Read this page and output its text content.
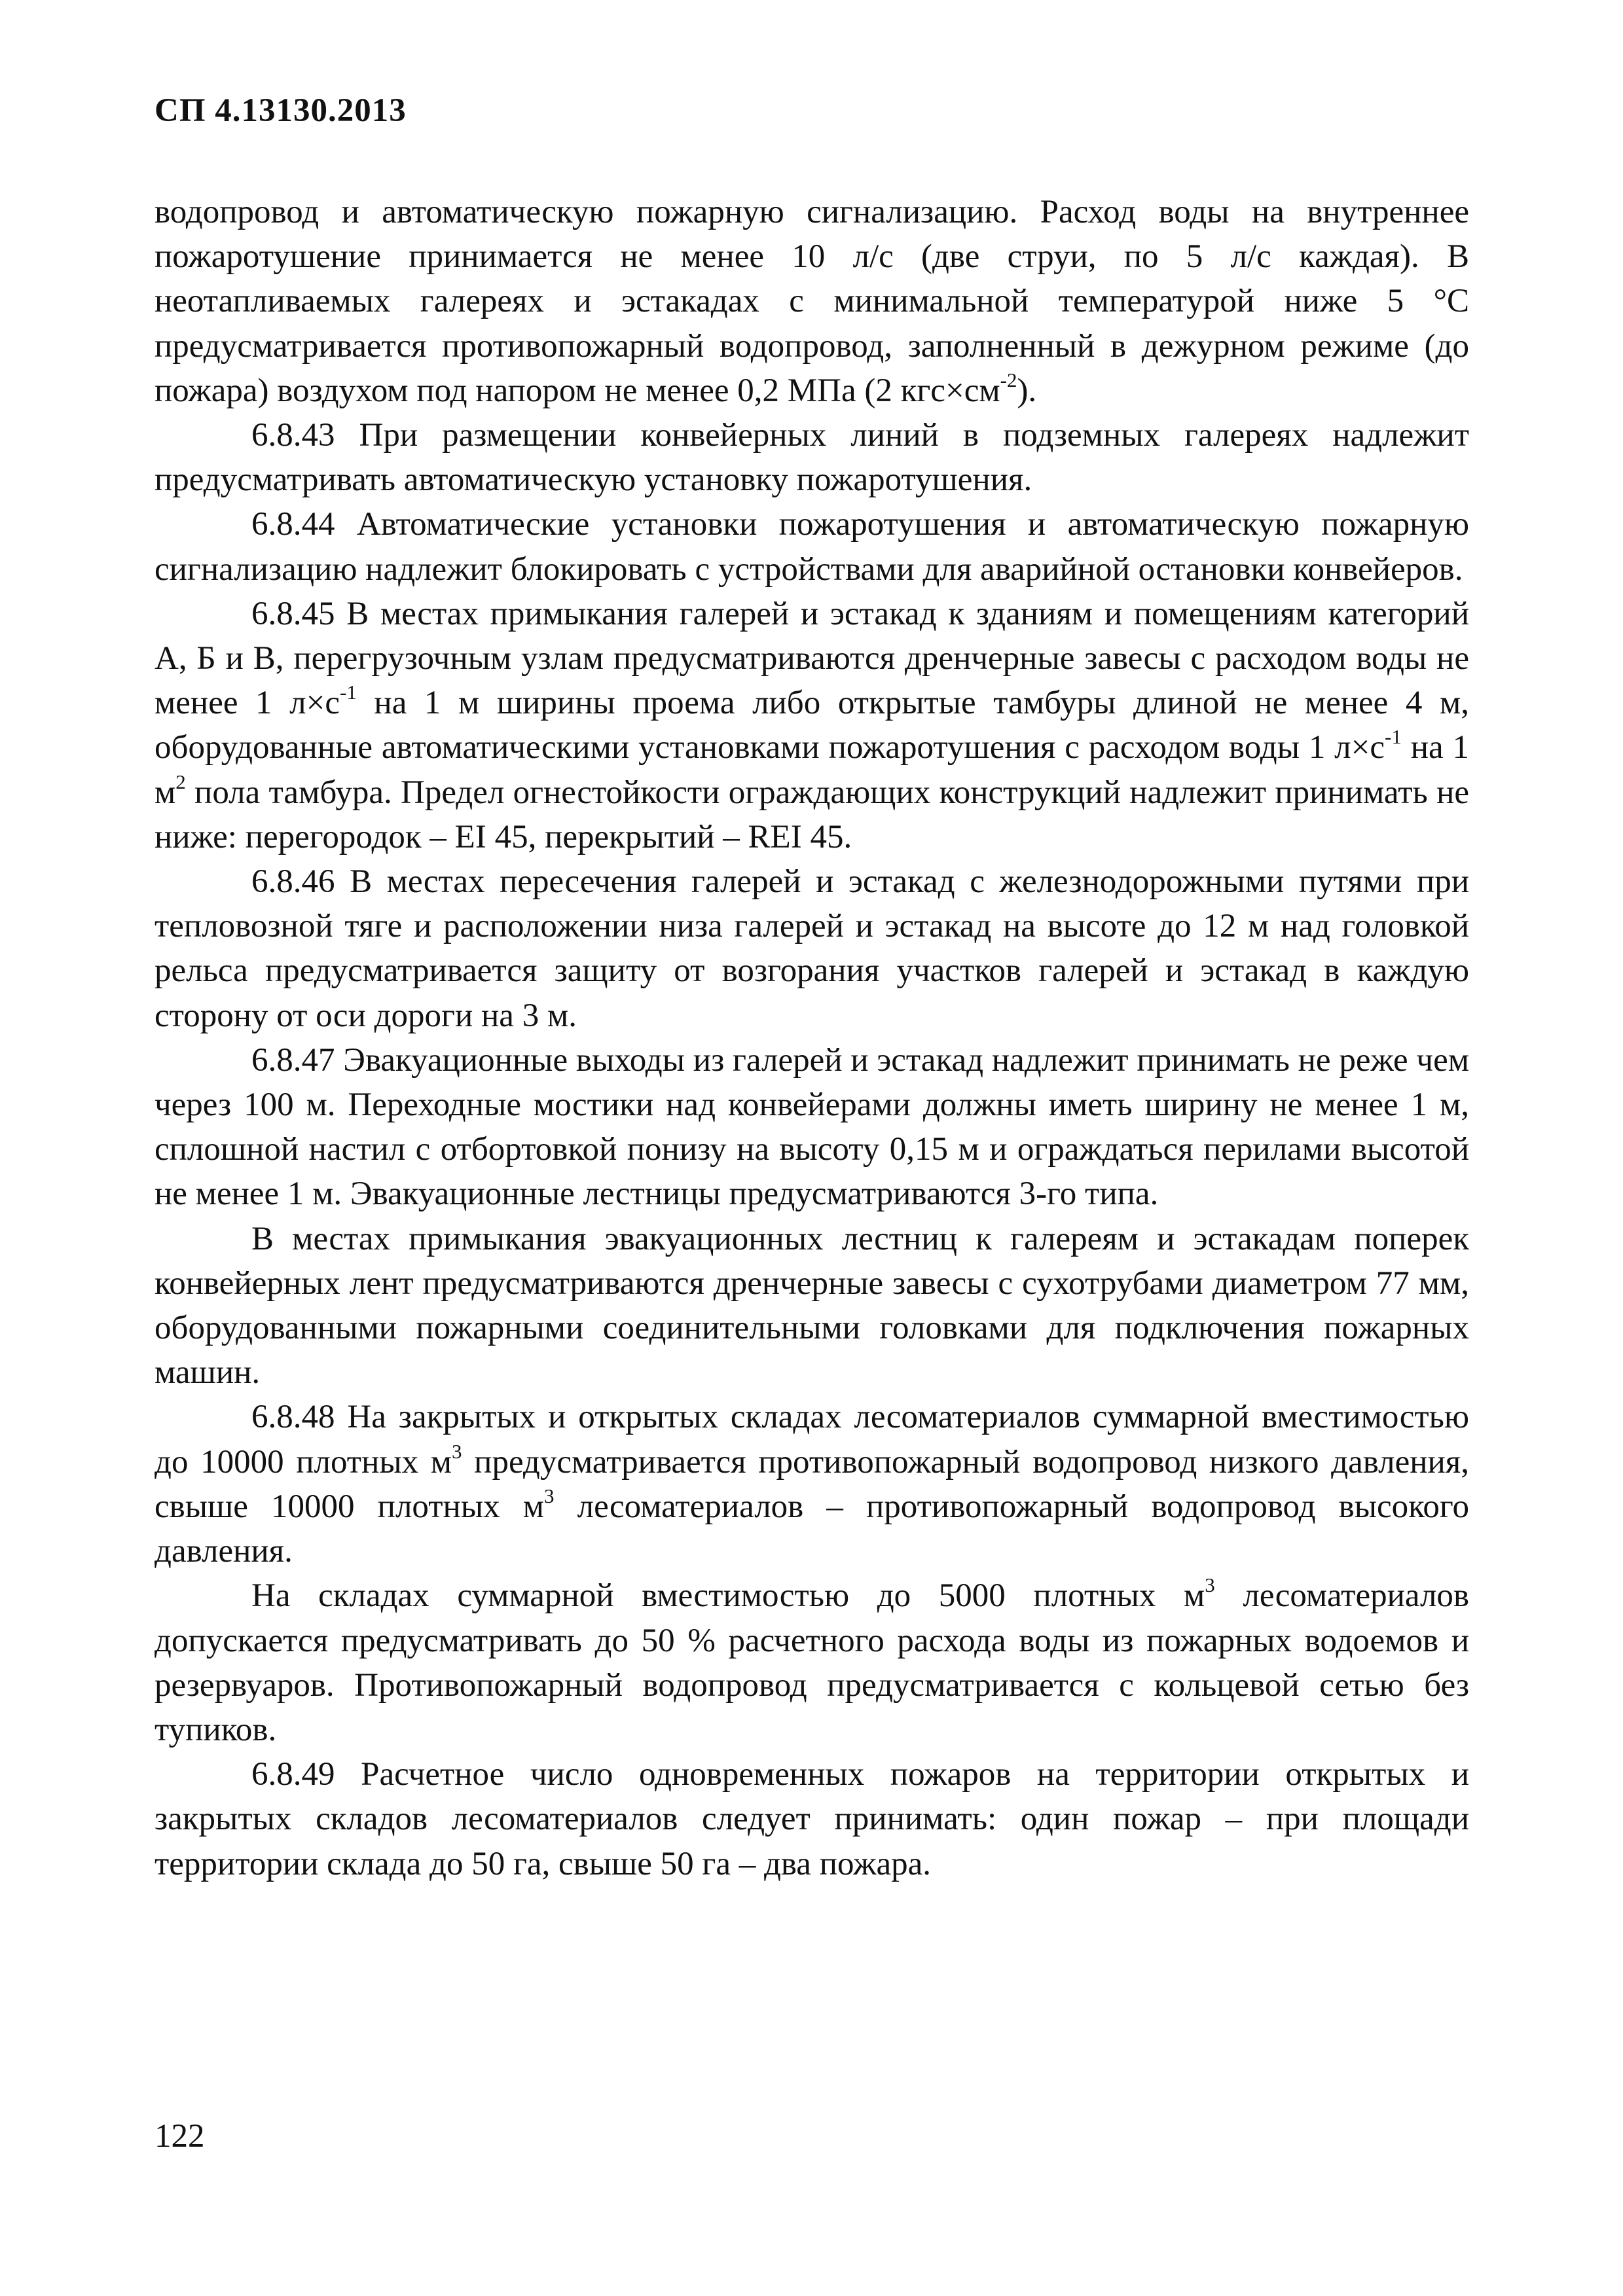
СП 4.13130.2013

водопровод и автоматическую пожарную сигнализацию. Расход воды на внутреннее пожаротушение принимается не менее 10 л/с (две струи, по 5 л/с каждая). В неотапливаемых галереях и эстакадах с минимальной температурой ниже 5 °С предусматривается противопожарный водопровод, заполненный в дежурном режиме (до пожара) воздухом под напором не менее 0,2 МПа (2 $кгс\times см^{-2}$).

6.8.43 При размещении конвейерных линий в подземных галереях надлежит предусматривать автоматическую установку пожаротушения.

6.8.44 Автоматические установки пожаротушения и автоматическую пожарную сигнализацию надлежит блокировать с устройствами для аварийной остановки конвейеров.

6.8.45 В местах примыкания галерей и эстакад к зданиям и помещениям категорий А, Б и В, перегрузочным узлам предусматриваются дренчерные завесы с расходом воды не менее 1 $л\times с^{-1}$ на 1 м ширины проема либо открытые тамбуры длиной не менее 4 м, оборудованные автоматическими установками пожаротушения с расходом воды 1 $л\times с^{-1}$ на 1 $м^2$ пола тамбура. Предел огнестойкости ограждающих конструкций надлежит принимать не ниже: перегородок – EI 45, перекрытий – REI 45.

6.8.46 В местах пересечения галерей и эстакад с железнодорожными путями при тепловозной тяге и расположении низа галерей и эстакад на высоте до 12 м над головкой рельса предусматривается защиту от возгорания участков галерей и эстакад в каждую сторону от оси дороги на 3 м.

6.8.47 Эвакуационные выходы из галерей и эстакад надлежит принимать не реже чем через 100 м. Переходные мостики над конвейерами должны иметь ширину не менее 1 м, сплошной настил с отбортовкой понизу на высоту 0,15 м и ограждаться перилами высотой не менее 1 м. Эвакуационные лестницы предусматриваются 3-го типа.

В местах примыкания эвакуационных лестниц к галереям и эстакадам поперек конвейерных лент предусматриваются дренчерные завесы с сухотрубами диаметром 77 мм, оборудованными пожарными соединительными головками для подключения пожарных машин.

6.8.48 На закрытых и открытых складах лесоматериалов суммарной вместимостью до 10000 плотных $м^3$ предусматривается противопожарный водопровод низкого давления, свыше 10000 плотных $м^3$ лесоматериалов – противопожарный водопровод высокого давления.

На складах суммарной вместимостью до 5000 плотных $м^3$ лесоматериалов допускается предусматривать до 50 % расчетного расхода воды из пожарных водоемов и резервуаров. Противопожарный водопровод предусматривается с кольцевой сетью без тупиков.

6.8.49 Расчетное число одновременных пожаров на территории открытых и закрытых складов лесоматериалов следует принимать: один пожар – при площади территории склада до 50 га, свыше 50 га – два пожара.

122
